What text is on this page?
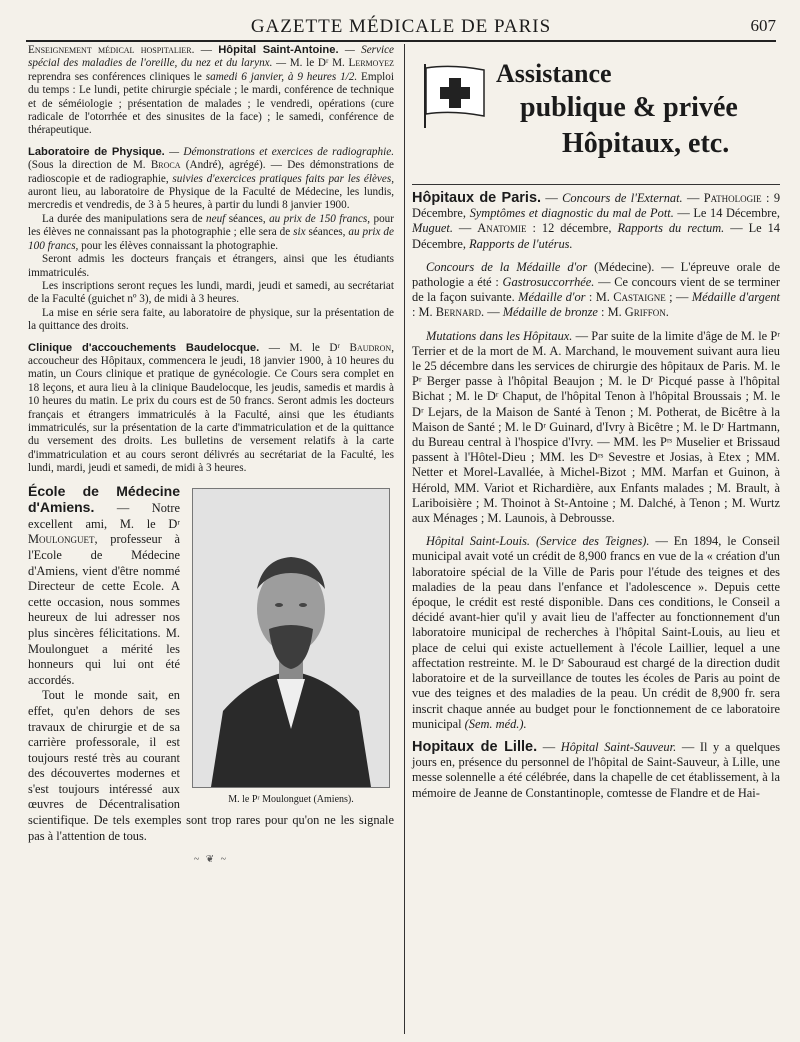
GAZETTE MÉDICALE DE PARIS	607

Enseignement médical hospitalier. — Hôpital Saint-Antoine. — Service spécial des maladies de l'oreille, du nez et du larynx. — M. le Dʳ M. Lermoyez reprendra ses conférences cliniques le samedi 6 janvier, à 9 heures 1/2. Emploi du temps : Le lundi, petite chirurgie spéciale ; le mardi, conférence de technique et de séméiologie ; présentation de malades ; le vendredi, opérations (cure radicale de l'otorrhée et des sinusites de la face) ; le samedi, conférence de thérapeutique.

Laboratoire de Physique. — Démonstrations et exercices de radiographie. (Sous la direction de M. Broca (André), agrégé). — Des démonstrations de radioscopie et de radiographie, suivies d'exercices pratiques faits par les élèves, auront lieu, au laboratoire de Physique de la Faculté de Médecine, les lundis, mercredis et vendredis, de 3 à 5 heures, à partir du lundi 8 janvier 1900.

La durée des manipulations sera de neuf séances, au prix de 150 francs, pour les élèves ne connaissant pas la photographie ; elle sera de six séances, au prix de 100 francs, pour les élèves connaissant la photographie.

Seront admis les docteurs français et étrangers, ainsi que les étudiants immatriculés.

Les inscriptions seront reçues les lundi, mardi, jeudi et samedi, au secrétariat de la Faculté (guichet nº 3), de midi à 3 heures.

La mise en série sera faite, au laboratoire de physique, sur la présentation de la quittance des droits.

Clinique d'accouchements Baudelocque. — M. le Dʳ Baudron, accoucheur des Hôpitaux, commencera le jeudi, 18 janvier 1900, à 10 heures du matin, un Cours clinique et pratique de gynécologie. Ce Cours sera complet en 18 leçons, et aura lieu à la clinique Baudelocque, les jeudis, samedis et mardis à 10 heures du matin. Le prix du cours est de 50 francs. Seront admis les docteurs français et étrangers immatriculés à la Faculté, ainsi que les étudiants immatriculés, sur la présentation de la carte d'immatriculation et de la quittance du versement des droits. Les bulletins de versement relatifs à la carte d'immatriculation et au cours seront délivrés au secrétariat de la Faculté, les lundi, mardi, jeudi et samedi, de midi à 3 heures.

M. le Pʳ Moulonguet (Amiens).

École de Médecine d'Amiens. — Notre excellent ami, M. le Dʳ Moulonguet, professeur à l'Ecole de Médecine d'Amiens, vient d'être nommé Directeur de cette Ecole. A cette occasion, nous sommes heureux de lui adresser nos plus sincères félicitations. M. Moulonguet a mérité les honneurs qui lui ont été accordés.

Tout le monde sait, en effet, qu'en dehors de ses travaux de chirurgie et de sa carrière professorale, il est toujours resté très au courant des découvertes modernes et s'est toujours intéressé aux œuvres de Décentralisation scientifique. De tels exemples sont trop rares pour qu'on ne les signale pas à l'attention de tous.

~ ❦ ~
Assistance
publique & privée
Hôpitaux, etc.

Hôpitaux de Paris. — Concours de l'Externat. — Pathologie : 9 Décembre, Symptômes et diagnostic du mal de Pott. — Le 14 Décembre, Muguet. — Anatomie : 12 décembre, Rapports du rectum. — Le 14 Décembre, Rapports de l'utérus.

Concours de la Médaille d'or (Médecine). — L'épreuve orale de pathologie a été : Gastrosuccorrhée. — Ce concours vient de se terminer de la façon suivante. Médaille d'or : M. Castaigne ; — Médaille d'argent : M. Bernard. — Médaille de bronze : M. Griffon.

Mutations dans les Hôpitaux. — Par suite de la limite d'âge de M. le Pʳ Terrier et de la mort de M. A. Marchand, le mouvement suivant aura lieu le 25 décembre dans les services de chirurgie des hôpitaux de Paris. M. le Pʳ Berger passe à l'hôpital Beaujon ; M. le Dʳ Picqué passe à l'hôpital Bichat ; M. le Dʳ Chaput, de l'hôpital Tenon à l'hôpital Broussais ; M. le Dʳ Lejars, de la Maison de Santé à Tenon ; M. Potherat, de Bicêtre à la Maison de Santé ; M. le Dʳ Guinard, d'Ivry à Bicêtre ; M. le Dʳ Hartmann, du Bureau central à l'hospice d'Ivry. — MM. les Pʳˢ Muselier et Brissaud passent à l'Hôtel-Dieu ; MM. les Dʳˢ Sevestre et Josias, à Etex ; MM. Netter et Morel-Lavallée, à Michel-Bizot ; MM. Marfan et Guinon, à Hérold, MM. Variot et Richardière, aux Enfants malades ; M. Brault, à Lariboisière ; M. Thoinot à St-Antoine ; M. Dalché, à Tenon ; M. Wurtz aux Ménages ; M. Launois, à Debrousse.

Hôpital Saint-Louis. (Service des Teignes). — En 1894, le Conseil municipal avait voté un crédit de 8,900 francs en vue de la « création d'un laboratoire spécial de la Ville de Paris pour l'étude des teignes et des maladies de la peau dans l'enfance et l'adolescence ». Depuis cette époque, le crédit est resté disponible. Dans ces conditions, le Conseil a décidé avant-hier qu'il y avait lieu de l'affecter au fonctionnement d'un laboratoire municipal de recherches à l'hôpital Saint-Louis, au lieu et place de celui qui existe actuellement à l'école Laillier, lequel a une affectation restreinte. M. le Dʳ Sabouraud est chargé de la direction dudit laboratoire et de la surveillance de toutes les écoles de Paris au point de vue des teignes et des maladies de la peau. Un crédit de 8,900 fr. sera inscrit chaque année au budget pour le fonctionnement de ce laboratoire municipal (Sem. méd.).

Hopitaux de Lille. — Hôpital Saint-Sauveur. — Il y a quelques jours en, présence du personnel de l'hôpital de Saint-Sauveur, à Lille, une messe solennelle a été célébrée, dans la chapelle de cet établissement, à la mémoire de Jeanne de Constantinople, comtesse de Flandre et de Hai-
